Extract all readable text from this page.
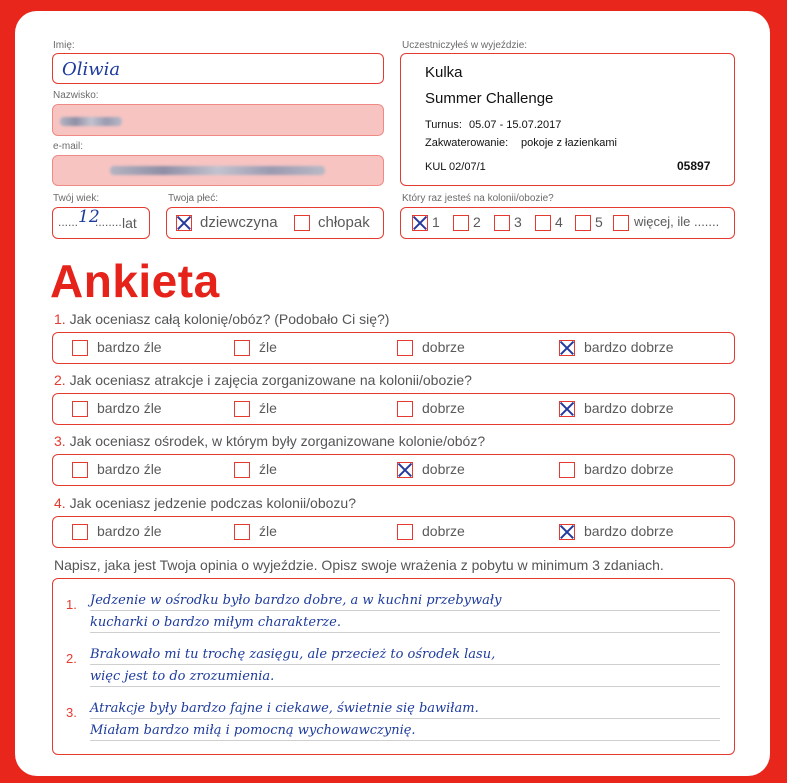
Imię:
Oliwia
Nazwisko:
e-mail:
Twój wiek:
...... 12
........ lat
Twoja płeć:
dziewczyna	chłopak
Uczestniczyłeś w wyjeździe:
Kulka
Summer Challenge
Turnus: 05.07 - 15.07.2017
Zakwaterowanie: pokoje z łazienkami
KUL 02/07/1	05897
Który raz jesteś na kolonii/obozie?
1 2 3 4 5 więcej, ile .......
Ankieta
1. Jak oceniasz całą kolonię/obóz? (Podobało Ci się?)
bardzo źle	źle	dobrze	bardzo dobrze
2. Jak oceniasz atrakcje i zajęcia zorganizowane na kolonii/obozie?
bardzo źle	źle	dobrze	bardzo dobrze
3. Jak oceniasz ośrodek, w którym były zorganizowane kolonie/obóz?
bardzo źle	źle	dobrze	bardzo dobrze
4. Jak oceniasz jedzenie podczas kolonii/obozu?
bardzo źle	źle	dobrze	bardzo dobrze
Napisz, jaka jest Twoja opinia o wyjeździe. Opisz swoje wrażenia z pobytu w minimum 3 zdaniach.
1.
2.
3.
Jedzenie w ośrodku było bardzo dobre, a w kuchni przebywały
kucharki o bardzo miłym charakterze.
Brakowało mi tu trochę zasięgu, ale przecież to ośrodek lasu,
więc jest to do zrozumienia.
Atrakcje były bardzo fajne i ciekawe, świetnie się bawiłam.
Miałam bardzo miłą i pomocną wychowawczynię.
